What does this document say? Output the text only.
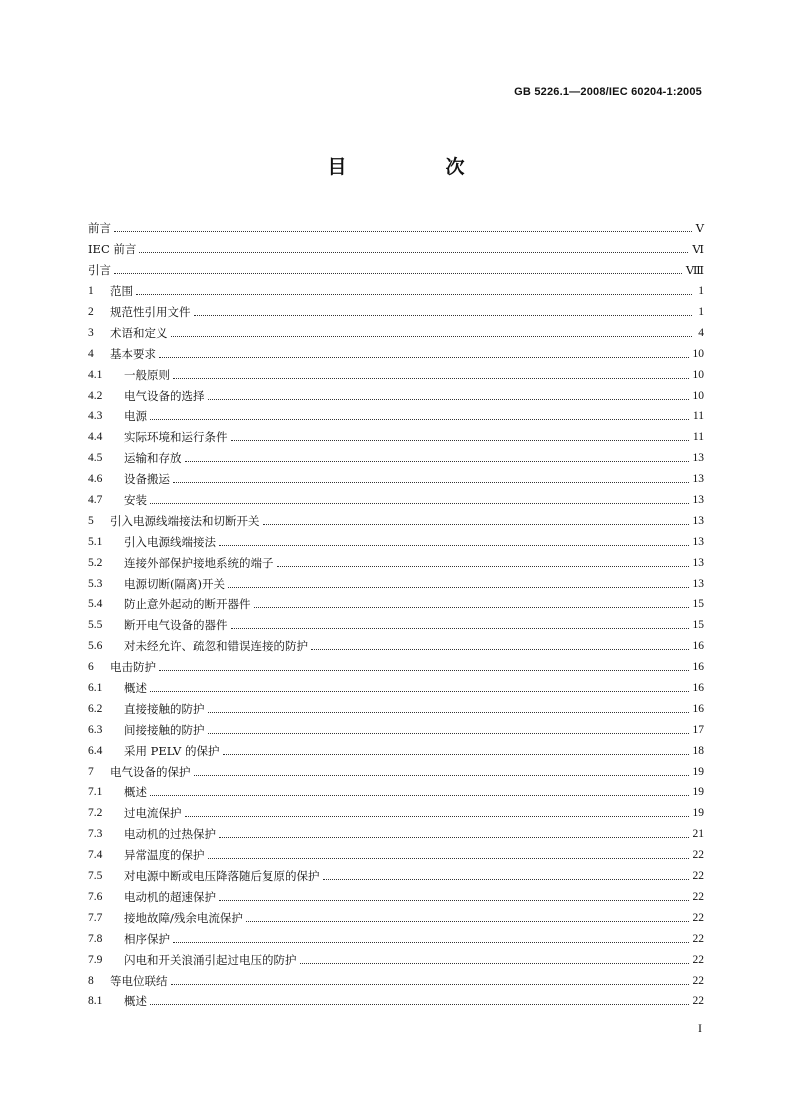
GB 5226.1—2008/IEC 60204-1:2005
目　次
前言	Ⅴ
IEC 前言	Ⅵ
引言	Ⅷ
1	范围	1
2	规范性引用文件	1
3	术语和定义	4
4	基本要求	10
4.1	一般原则	10
4.2	电气设备的选择	10
4.3	电源	11
4.4	实际环境和运行条件	11
4.5	运输和存放	13
4.6	设备搬运	13
4.7	安装	13
5	引入电源线端接法和切断开关	13
5.1	引入电源线端接法	13
5.2	连接外部保护接地系统的端子	13
5.3	电源切断(隔离)开关	13
5.4	防止意外起动的断开器件	15
5.5	断开电气设备的器件	15
5.6	对未经允许、疏忽和错误连接的防护	16
6	电击防护	16
6.1	概述	16
6.2	直接接触的防护	16
6.3	间接接触的防护	17
6.4	采用 PELV 的保护	18
7	电气设备的保护	19
7.1	概述	19
7.2	过电流保护	19
7.3	电动机的过热保护	21
7.4	异常温度的保护	22
7.5	对电源中断或电压降落随后复原的保护	22
7.6	电动机的超速保护	22
7.7	接地故障/残余电流保护	22
7.8	相序保护	22
7.9	闪电和开关浪涌引起过电压的防护	22
8	等电位联结	22
8.1	概述	22
I
